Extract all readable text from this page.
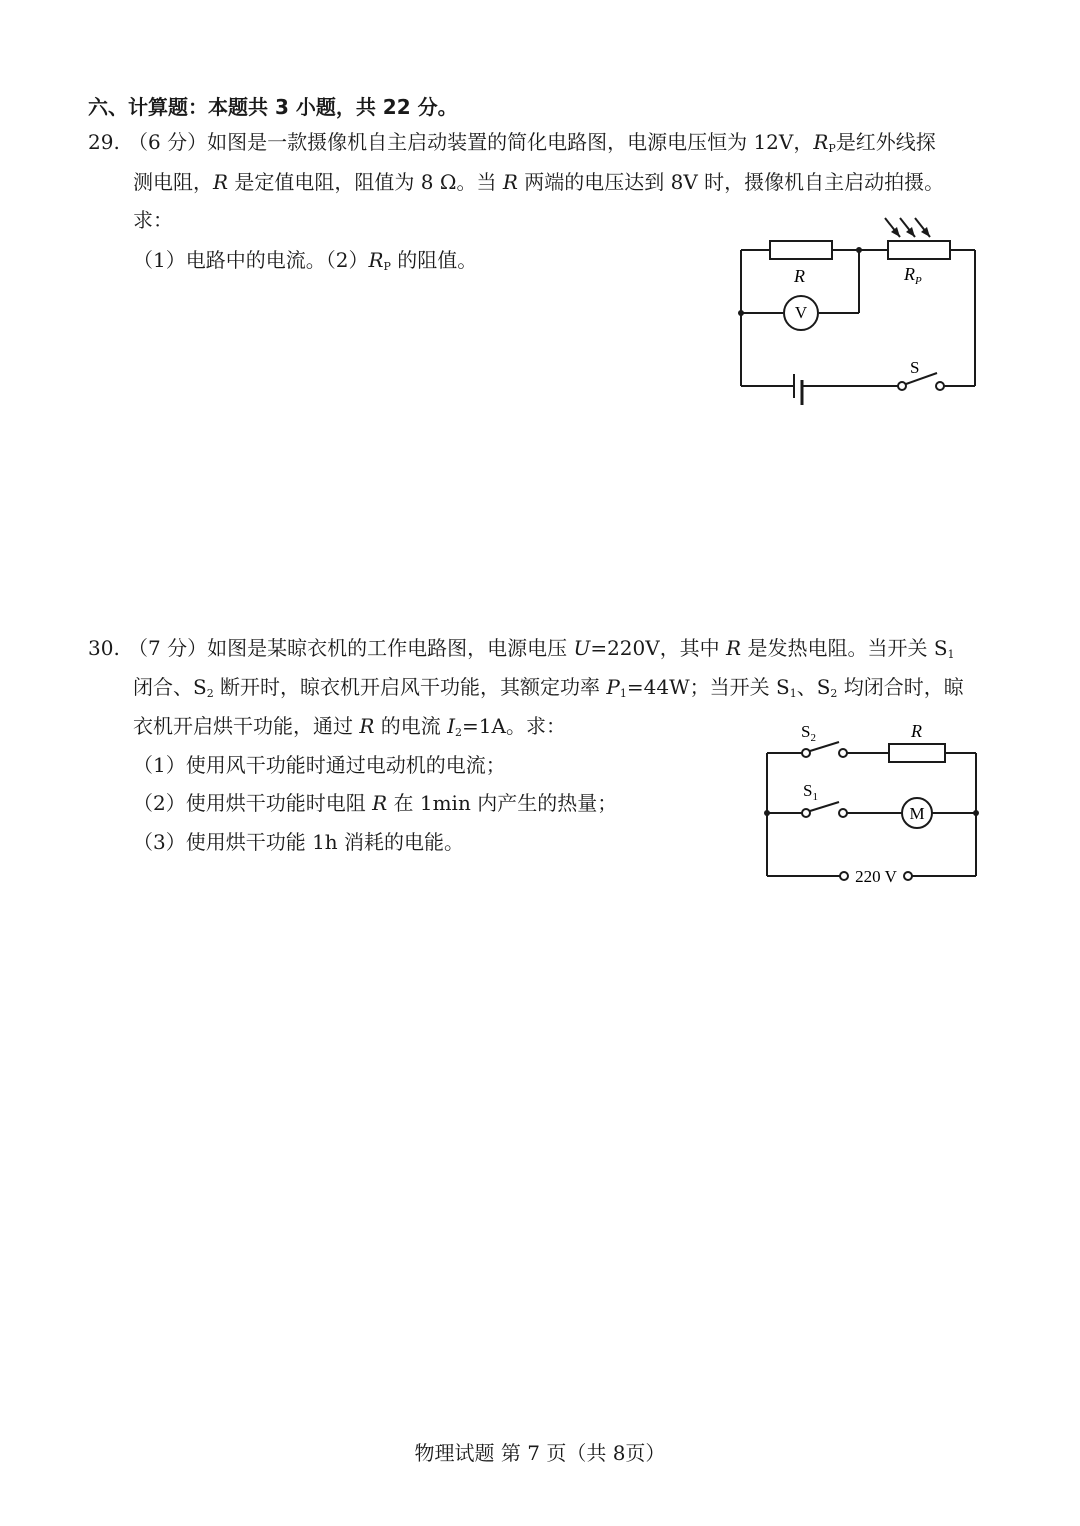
六、计算题：本题共 3 小题，共 22 分。
29. （6 分）如图是一款摄像机自主启动装置的简化电路图，电源电压恒为 12V，$R_P$是红外线探
测电阻，R 是定值电阻，阻值为 8 Ω。当 R 两端的电压达到 8V 时，摄像机自主启动拍摄。
求：
（1）电路中的电流。$(2)R_P$ 的阻值。
V
R	$R_P$
S
30. （7 分）如图是某晾衣机的工作电路图，电源电压 U=220V，其中 R 是发热电阻。当开关 $S_1$
闭合、$S_2$ 断开时，晾衣机开启风干功能，其额定功率 $P_1=44W$；当开关 $S_1$、$S_2$ 均闭合时，晾
衣机开启烘干功能，通过 R 的电流 $I_2=1A$。求：
（1）使用风干功能时通过电动机的电流；
（2）使用烘干功能时电阻 R 在 1min 内产生的热量；
（3）使用烘干功能 1h 消耗的电能。
$S_2$	R
$S_1$
M
220 V
物理试题 第 7 页（共 8页）
